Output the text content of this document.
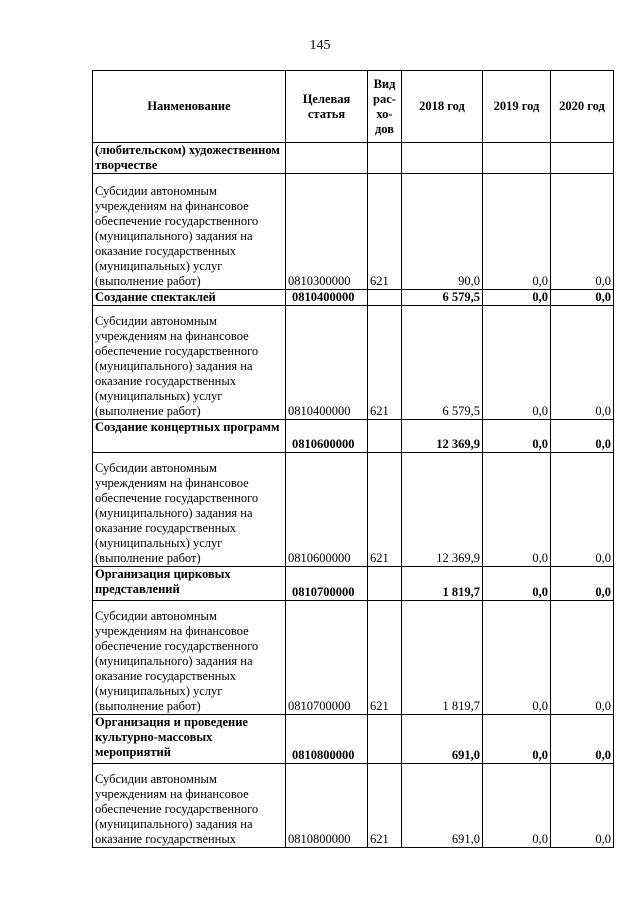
145
Наименование	Целевая статья	Вид рас- хо- дов	2018 год	2019 год	2020 год
(любительском) художественном творчестве					
Субсидии автономным учреждениям на финансовое обеспечение государственного (муниципального) задания на оказание государственных (муниципальных) услуг (выполнение работ)	0810300000	621	90,0	0,0	0,0
Создание спектаклей	0810400000		6 579,5	0,0	0,0
Субсидии автономным учреждениям на финансовое обеспечение государственного (муниципального) задания на оказание государственных (муниципальных) услуг (выполнение работ)	0810400000	621	6 579,5	0,0	0,0
Создание концертных программ	0810600000		12 369,9	0,0	0,0
Субсидии автономным учреждениям на финансовое обеспечение государственного (муниципального) задания на оказание государственных (муниципальных) услуг (выполнение работ)	0810600000	621	12 369,9	0,0	0,0
Организация цирковых представлений	0810700000		1 819,7	0,0	0,0
Субсидии автономным учреждениям на финансовое обеспечение государственного (муниципального) задания на оказание государственных (муниципальных) услуг (выполнение работ)	0810700000	621	1 819,7	0,0	0,0
Организация и проведение культурно-массовых мероприятий	0810800000		691,0	0,0	0,0
Субсидии автономным учреждениям на финансовое обеспечение государственного (муниципального) задания на оказание государственных	0810800000	621	691,0	0,0	0,0
